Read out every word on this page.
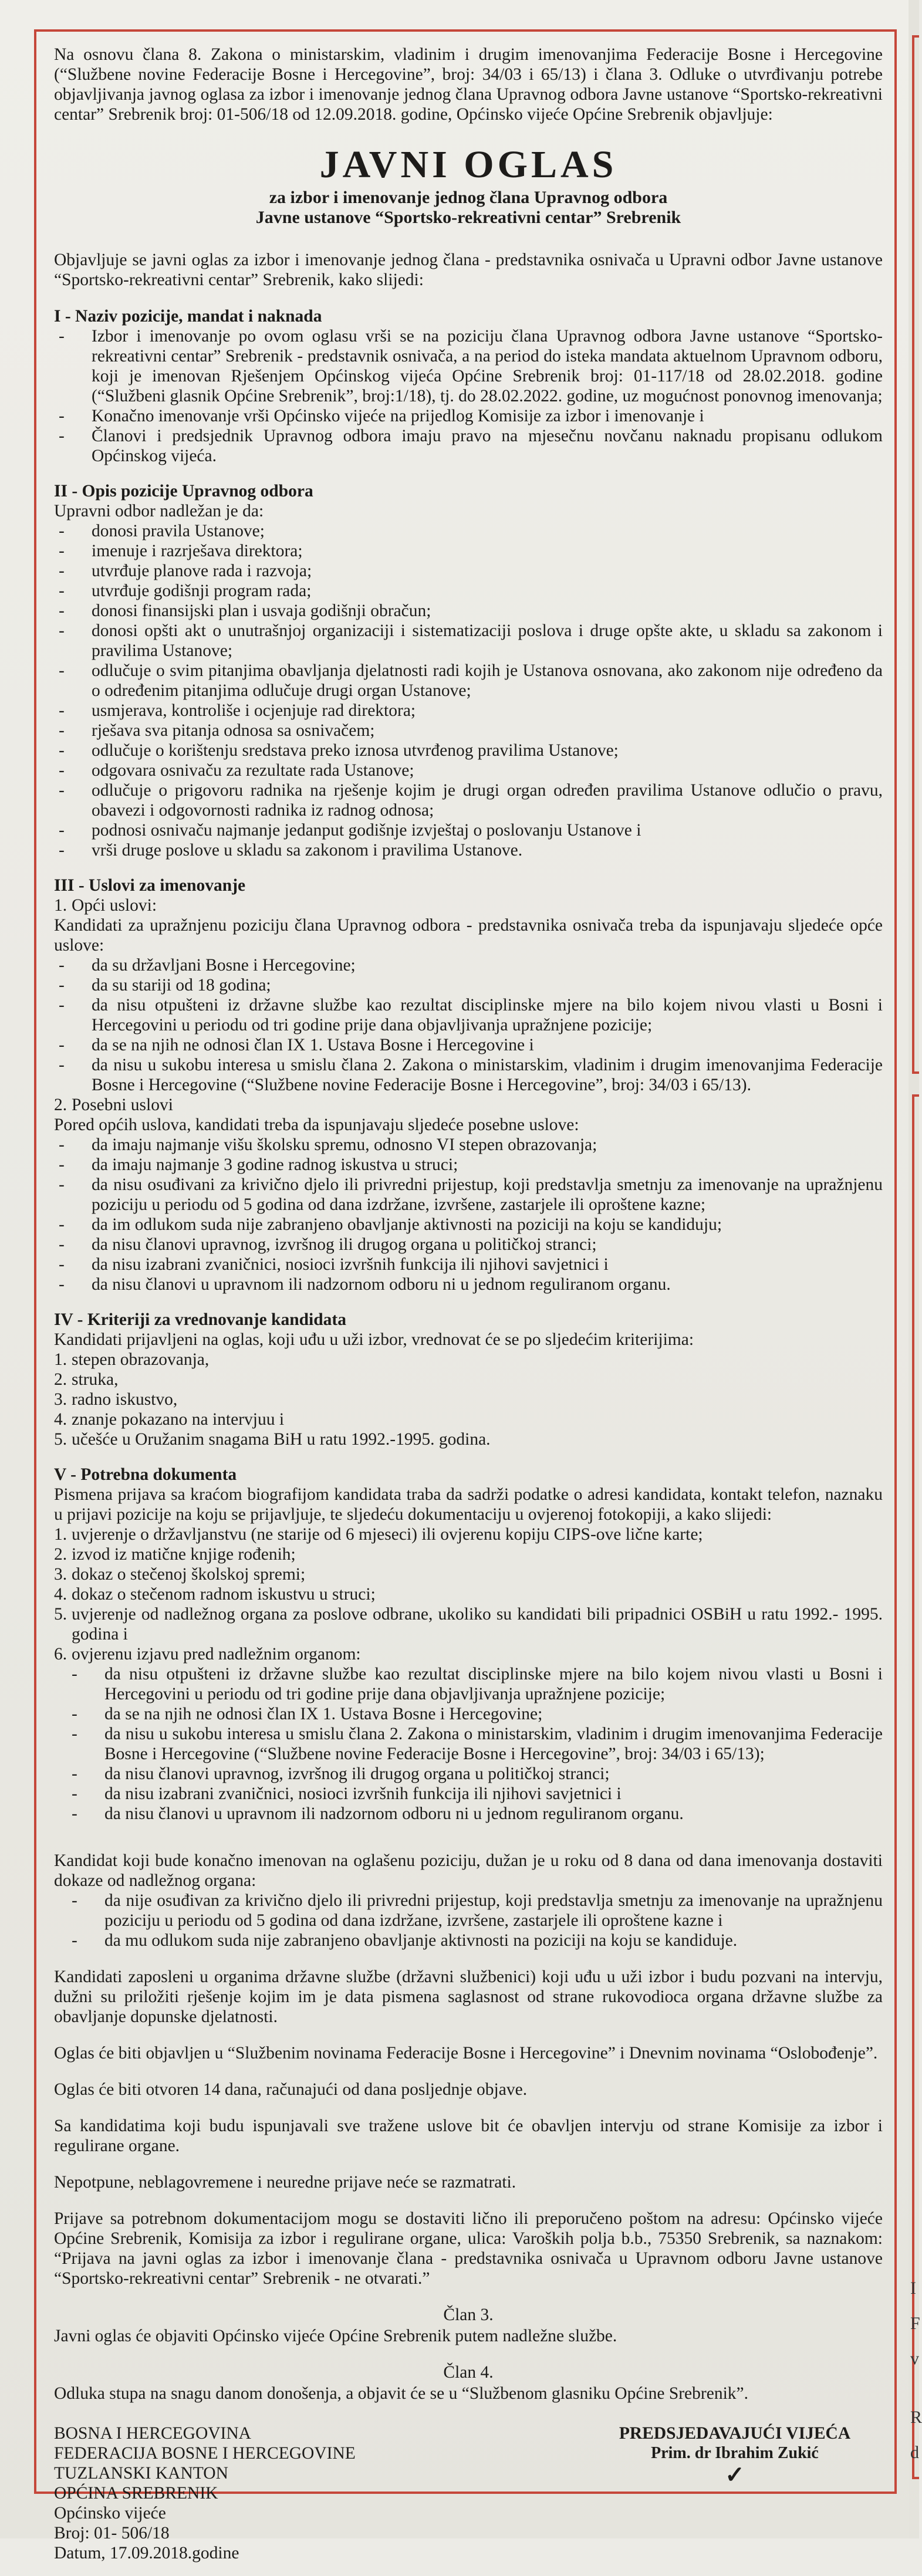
I
F
v
R
d

Na osnovu člana 8. Zakona o ministarskim, vladinim i drugim imenovanjima Federacije Bosne i Hercegovine (“Službene novine Federacije Bosne i Hercegovine”, broj: 34/03 i 65/13) i člana 3. Odluke o utvrđivanju potrebe objavljivanja javnog oglasa za izbor i imenovanje jednog člana Upravnog odbora Javne ustanove “Sportsko-rekreativni centar” Srebrenik broj: 01-506/18 od 12.09.2018. godine, Općinsko vijeće Općine Srebrenik objavljuje:

JAVNI OGLAS
za izbor i imenovanje jednog člana Upravnog odbora
Javne ustanove “Sportsko-rekreativni centar” Srebrenik

Objavljuje se javni oglas za izbor i imenovanje jednog člana - predstavnika osnivača u Upravni odbor Javne ustanove “Sportsko-rekreativni centar” Srebrenik, kako slijedi:

I - Naziv pozicije, mandat i naknada
- Izbor i imenovanje po ovom oglasu vrši se na poziciju člana Upravnog odbora Javne ustanove “Sportsko-rekreativni centar” Srebrenik - predstavnik osnivača, a na period do isteka mandata aktuelnom Upravnom odboru, koji je imenovan Rješenjem Općinskog vijeća Općine Srebrenik broj: 01-117/18 od 28.02.2018. godine (“Službeni glasnik Općine Srebrenik”, broj:1/18), tj. do 28.02.2022. godine, uz mogućnost ponovnog imenovanja;
- Konačno imenovanje vrši Općinsko vijeće na prijedlog Komisije za izbor i imenovanje i
- Članovi i predsjednik Upravnog odbora imaju pravo na mjesečnu novčanu naknadu propisanu odlukom Općinskog vijeća.
II - Opis pozicije Upravnog odbora
Upravni odbor nadležan je da:
- donosi pravila Ustanove;
- imenuje i razrješava direktora;
- utvrđuje planove rada i razvoja;
- utvrđuje godišnji program rada;
- donosi finansijski plan i usvaja godišnji obračun;
- donosi opšti akt o unutrašnjoj organizaciji i sistematizaciji poslova i druge opšte akte, u skladu sa zakonom i pravilima Ustanove;
- odlučuje o svim pitanjima obavljanja djelatnosti radi kojih je Ustanova osnovana, ako zakonom nije određeno da o određenim pitanjima odlučuje drugi organ Ustanove;
- usmjerava, kontroliše i ocjenjuje rad direktora;
- rješava sva pitanja odnosa sa osnivačem;
- odlučuje o korištenju sredstava preko iznosa utvrđenog pravilima Ustanove;
- odgovara osnivaču za rezultate rada Ustanove;
- odlučuje o prigovoru radnika na rješenje kojim je drugi organ određen pravilima Ustanove odlučio o pravu, obavezi i odgovornosti radnika iz radnog odnosa;
- podnosi osnivaču najmanje jedanput godišnje izvještaj o poslovanju Ustanove i
- vrši druge poslove u skladu sa zakonom i pravilima Ustanove.
III - Uslovi za imenovanje
1. Opći uslovi:
Kandidati za upražnjenu poziciju člana Upravnog odbora - predstavnika osnivača treba da ispunjavaju sljedeće opće uslove:
- da su državljani Bosne i Hercegovine;
- da su stariji od 18 godina;
- da nisu otpušteni iz državne službe kao rezultat disciplinske mjere na bilo kojem nivou vlasti u Bosni i Hercegovini u periodu od tri godine prije dana objavljivanja upražnjene pozicije;
- da se na njih ne odnosi član IX 1. Ustava Bosne i Hercegovine i
- da nisu u sukobu interesa u smislu člana 2. Zakona o ministarskim, vladinim i drugim imenovanjima Federacije Bosne i Hercegovine (“Službene novine Federacije Bosne i Hercegovine”, broj: 34/03 i 65/13).
2. Posebni uslovi
Pored općih uslova, kandidati treba da ispunjavaju sljedeće posebne uslove:
- da imaju najmanje višu školsku spremu, odnosno VI stepen obrazovanja;
- da imaju najmanje 3 godine radnog iskustva u struci;
- da nisu osuđivani za krivično djelo ili privredni prijestup, koji predstavlja smetnju za imenovanje na upražnjenu poziciju u periodu od 5 godina od dana izdržane, izvršene, zastarjele ili oproštene kazne;
- da im odlukom suda nije zabranjeno obavljanje aktivnosti na poziciji na koju se kandiduju;
- da nisu članovi upravnog, izvršnog ili drugog organa u političkoj stranci;
- da nisu izabrani zvaničnici, nosioci izvršnih funkcija ili njihovi savjetnici i
- da nisu članovi u upravnom ili nadzornom odboru ni u jednom reguliranom organu.
IV - Kriteriji za vrednovanje kandidata
Kandidati prijavljeni na oglas, koji uđu u uži izbor, vrednovat će se po sljedećim kriterijima:
1. stepen obrazovanja,
2. struka,
3. radno iskustvo,
4. znanje pokazano na intervjuu i
5. učešće u Oružanim snagama BiH u ratu 1992.-1995. godina.
V - Potrebna dokumenta
Pismena prijava sa kraćom biografijom kandidata traba da sadrži podatke o adresi kandidata, kontakt telefon, naznaku u prijavi pozicije na koju se prijavljuje, te sljedeću dokumentaciju u ovjerenoj fotokopiji, a kako slijedi:
1. uvjerenje o državljanstvu (ne starije od 6 mjeseci) ili ovjerenu kopiju CIPS-ove lične karte;
2. izvod iz matične knjige rođenih;
3. dokaz o stečenoj školskoj spremi;
4. dokaz o stečenom radnom iskustvu u struci;
5. uvjerenje od nadležnog organa za poslove odbrane, ukoliko su kandidati bili pripadnici OSBiH u ratu 1992.- 1995. godina i
6. ovjerenu izjavu pred nadležnim organom:
- da nisu otpušteni iz državne službe kao rezultat disciplinske mjere na bilo kojem nivou vlasti u Bosni i Hercegovini u periodu od tri godine prije dana objavljivanja upražnjene pozicije;
- da se na njih ne odnosi član IX 1. Ustava Bosne i Hercegovine;
- da nisu u sukobu interesa u smislu člana 2. Zakona o ministarskim, vladinim i drugim imenovanjima Federacije Bosne i Hercegovine (“Službene novine Federacije Bosne i Hercegovine”, broj: 34/03 i 65/13);
- da nisu članovi upravnog, izvršnog ili drugog organa u političkoj stranci;
- da nisu izabrani zvaničnici, nosioci izvršnih funkcija ili njihovi savjetnici i
- da nisu članovi u upravnom ili nadzornom odboru ni u jednom reguliranom organu.
Kandidat koji bude konačno imenovan na oglašenu poziciju, dužan je u roku od 8 dana od dana imenovanja dostaviti dokaze od nadležnog organa:
- da nije osuđivan za krivično djelo ili privredni prijestup, koji predstavlja smetnju za imenovanje na upražnjenu poziciju u periodu od 5 godina od dana izdržane, izvršene, zastarjele ili oproštene kazne i
- da mu odlukom suda nije zabranjeno obavljanje aktivnosti na poziciji na koju se kandiduje.

Kandidati zaposleni u organima državne službe (državni službenici) koji uđu u uži izbor i budu pozvani na intervju, dužni su priložiti rješenje kojim im je data pismena saglasnost od strane rukovodioca organa državne službe za obavljanje dopunske djelatnosti.

Oglas će biti objavljen u “Službenim novinama Federacije Bosne i Hercegovine” i Dnevnim novinama “Oslobođenje”.

Oglas će biti otvoren 14 dana, računajući od dana posljednje objave.

Sa kandidatima koji budu ispunjavali sve tražene uslove bit će obavljen intervju od strane Komisije za izbor i regulirane organe.

Nepotpune, neblagovremene i neuredne prijave neće se razmatrati.

Prijave sa potrebnom dokumentacijom mogu se dostaviti lično ili preporučeno poštom na adresu: Općinsko vijeće Općine Srebrenik, Komisija za izbor i regulirane organe, ulica: Varoških polja b.b., 75350 Srebrenik, sa naznakom: “Prijava na javni oglas za izbor i imenovanje člana - predstavnika osnivača u Upravnom odboru Javne ustanove “Sportsko-rekreativni centar” Srebrenik - ne otvarati.”

Član 3.
Javni oglas će objaviti Općinsko vijeće Općine Srebrenik putem nadležne službe.
Član 4.
Odluka stupa na snagu danom donošenja, a objavit će se u “Službenom glasniku Općine Srebrenik”.
BOSNA I HERCEGOVINA
FEDERACIJA BOSNE I HERCEGOVINE
TUZLANSKI KANTON
OPĆINA SREBRENIK
Općinsko vijeće
Broj: 01- 506/18
Datum, 17.09.2018.godine
PREDSJEDAVAJUĆI VIJEĆA
Prim. dr Ibrahim Zukić
✓
